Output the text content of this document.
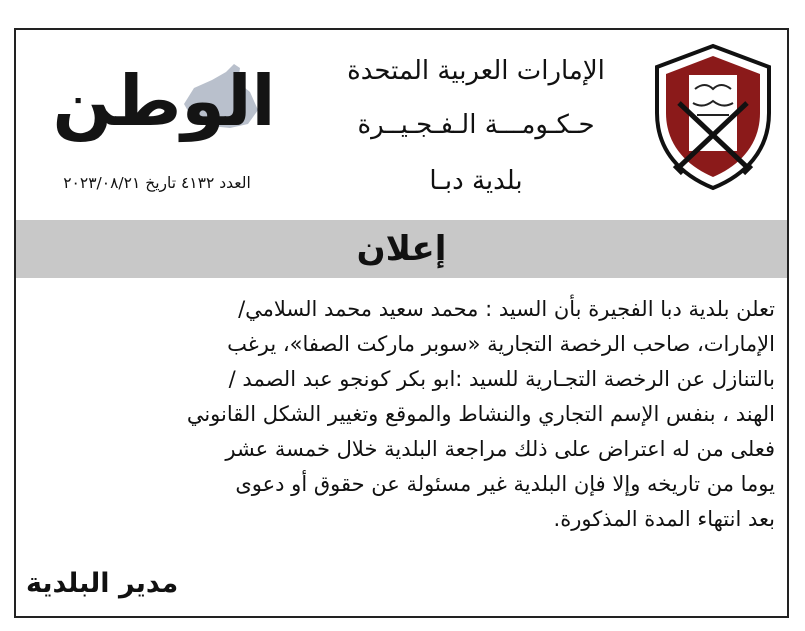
الإمارات العربية المتحدة
حـكـومـــة الـفـجـيــرة
بلدية دبـا
الوطن
العدد ٤١٣٢ تاريخ ٢٠٢٣/٠٨/٢١
إعلان

تعلن بلدية دبا الفجيرة بأن السيد : محمد سعيد محمد السلامي/

الإمارات، صاحب الرخصة التجارية «سوبر ماركت الصفا»، يرغب

بالتنازل عن الرخصة التجـارية للسيد :ابو بكر كونجو عبد الصمد /

الهند ، بنفس الإسم التجاري والنشاط والموقع وتغيير الشكل القانوني

فعلى من له اعتراض على ذلك مراجعة البلدية خلال خمسة عشر

يوما من تاريخه وإلا فإن البلدية غير مسئولة عن حقوق أو دعوى

بعد انتهاء المدة المذكورة.

مدير البلدية
